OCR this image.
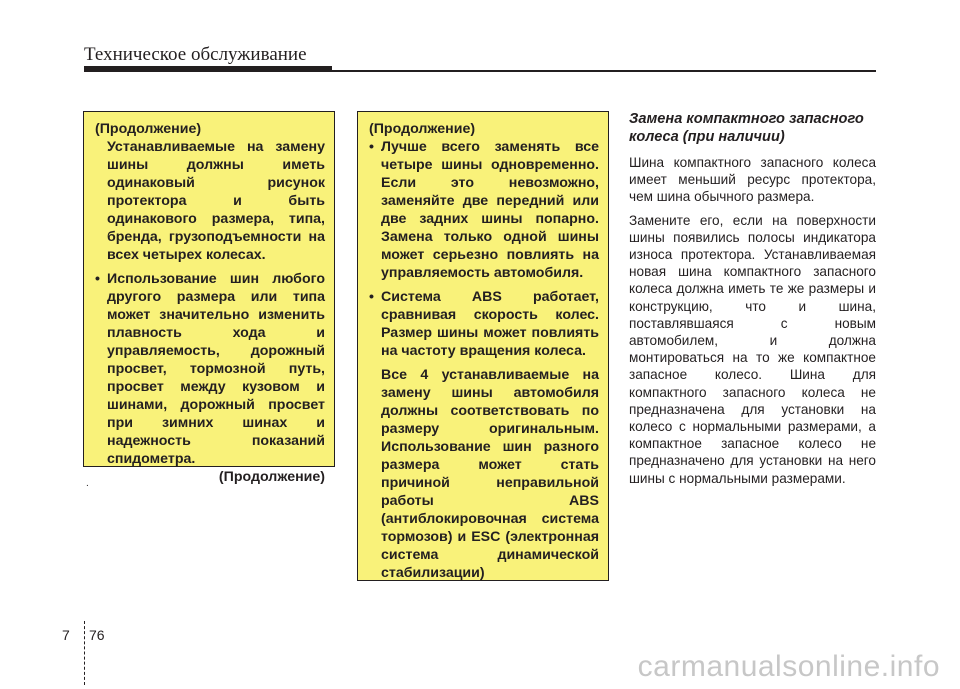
Техническое обслуживание
(Продолжение)
Устанавливаемые на замену шины должны иметь одинаковый рисунок протектора и быть одинакового размера, типа, бренда, грузоподъемности на всех четырех колесах.
• Использование шин любого другого размера или типа может значительно изменить плавность хода и управляемость, дорожный просвет, тормозной путь, просвет между кузовом и шинами, дорожный просвет при зимних шинах и надежность показаний спидометра.
(Продолжение)
.
(Продолжение)
• Лучше всего заменять все четыре шины одновременно. Если это невозможно, заменяйте две передний или две задних шины попарно. Замена только одной шины может серьезно повлиять на управляемость автомобиля.
• Система ABS работает, сравнивая скорость колес. Размер шины может повлиять на частоту вращения колеса.
Все 4 устанавливаемые на замену шины автомобиля должны соответствовать по размеру оригинальным. Использование шин разного размера может стать причиной неправильной работы ABS (антиблокировочная система тормозов) и ESC (электронная система динамической стабилизации)
Замена компактного запасного колеса (при наличии)

Шина компактного запасного колеса имеет меньший ресурс протектора, чем шина обычного размера.

Замените его, если на поверхности шины появились полосы индикатора износа протектора. Устанавливаемая новая шина компактного запасного колеса должна иметь те же размеры и конструкцию, что и шина, поставлявшаяся с новым автомобилем, и должна монтироваться на то же компактное запасное колесо. Шина для компактного запасного колеса не предназначена для установки на колесо с нормальными размерами, а компактное запасное колесо не предназначено для установки на него шины с нормальными размерами.

7 76
carmanualsonline.info
